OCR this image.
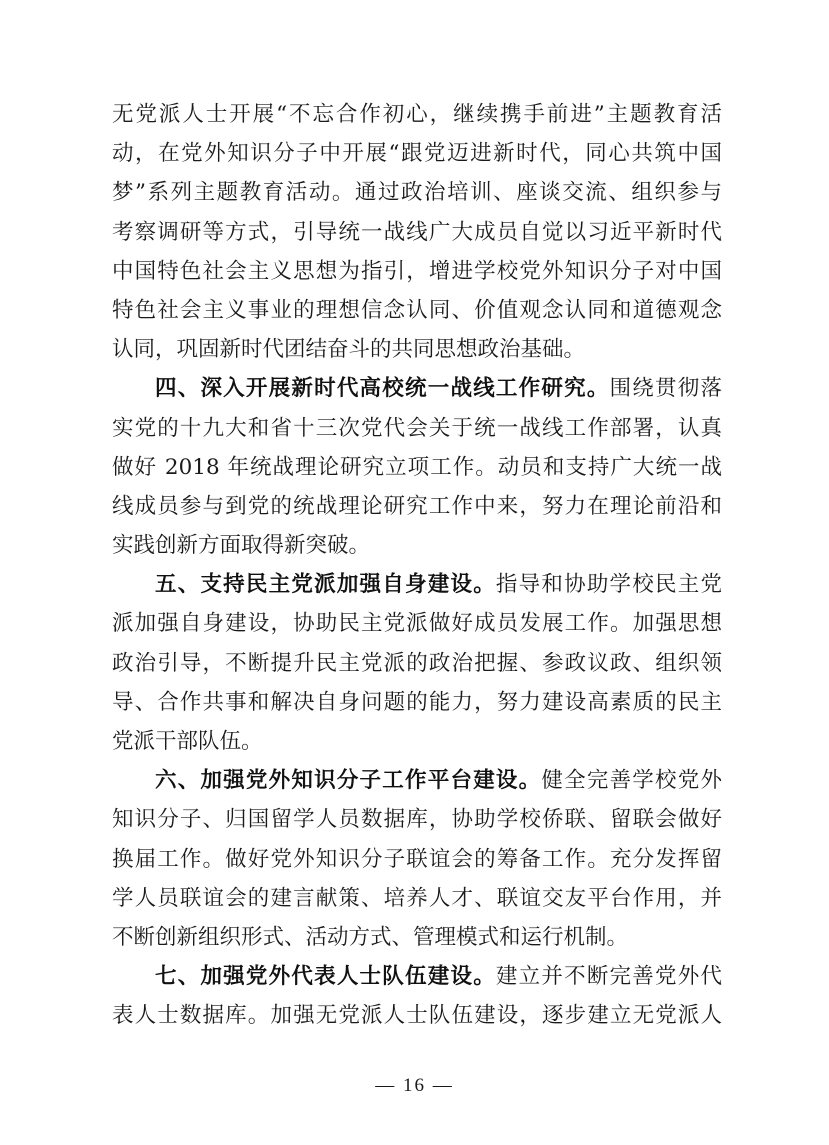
无党派人士开展“不忘合作初心，继续携手前进”主题教育活
动，在党外知识分子中开展“跟党迈进新时代，同心共筑中国
梦”系列主题教育活动。通过政治培训、座谈交流、组织参与
考察调研等方式，引导统一战线广大成员自觉以习近平新时代
中国特色社会主义思想为指引，增进学校党外知识分子对中国
特色社会主义事业的理想信念认同、价值观念认同和道德观念
认同，巩固新时代团结奋斗的共同思想政治基础。
四、深入开展新时代高校统一战线工作研究。围绕贯彻落
实党的十九大和省十三次党代会关于统一战线工作部署，认真
做好 2018 年统战理论研究立项工作。动员和支持广大统一战
线成员参与到党的统战理论研究工作中来，努力在理论前沿和
实践创新方面取得新突破。
五、支持民主党派加强自身建设。指导和协助学校民主党
派加强自身建设，协助民主党派做好成员发展工作。加强思想
政治引导，不断提升民主党派的政治把握、参政议政、组织领
导、合作共事和解决自身问题的能力，努力建设高素质的民主
党派干部队伍。
六、加强党外知识分子工作平台建设。健全完善学校党外
知识分子、归国留学人员数据库，协助学校侨联、留联会做好
换届工作。做好党外知识分子联谊会的筹备工作。充分发挥留
学人员联谊会的建言献策、培养人才、联谊交友平台作用，并
不断创新组织形式、活动方式、管理模式和运行机制。
七、加强党外代表人士队伍建设。建立并不断完善党外代
表人士数据库。加强无党派人士队伍建设，逐步建立无党派人
— 16 —
